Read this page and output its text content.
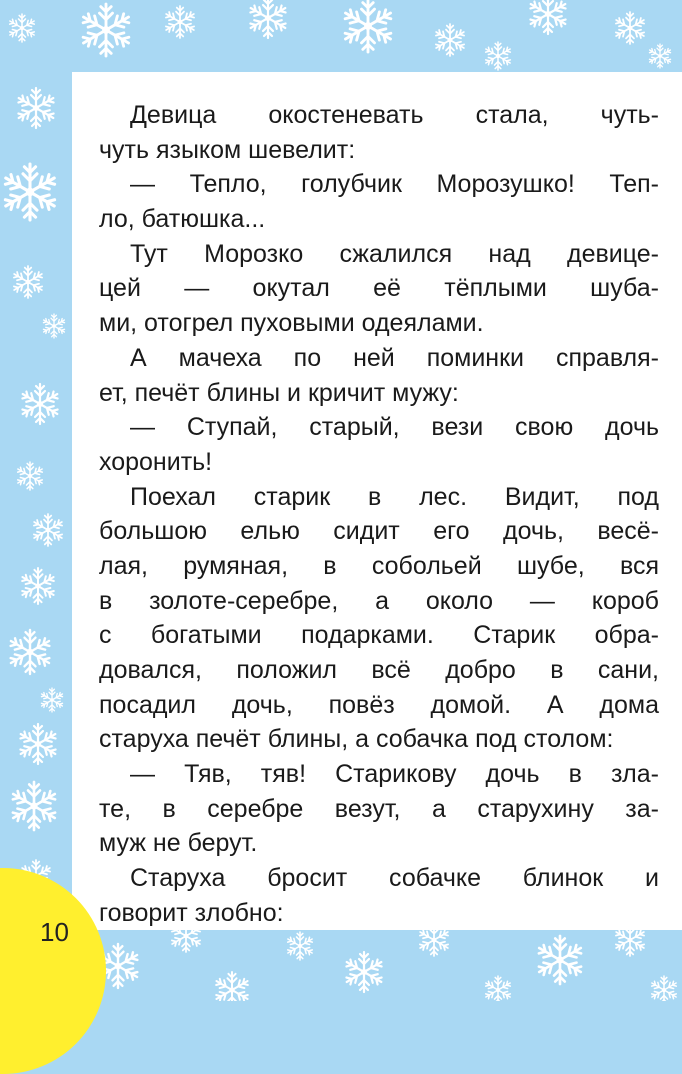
Девица окостеневать стала, чуть-
чуть языком шевелит:
— Тепло, голубчик Морозушко! Теп-
ло, батюшка...
Тут Морозко сжалился над девице-
цей — окутал её тёплыми шуба-
ми, отогрел пуховыми одеялами.
А мачеха по ней поминки справля-
ет, печёт блины и кричит мужу:
— Ступай, старый, вези свою дочь
хоронить!
Поехал старик в лес. Видит, под
большою елью сидит его дочь, весё-
лая, румяная, в собольей шубе, вся
в золоте-серебре, а около — короб
с богатыми подарками. Старик обра-
довался, положил всё добро в сани,
посадил дочь, повёз домой. А дома
старуха печёт блины, а собачка под столом:
— Тяв, тяв! Старикову дочь в зла-
те, в серебре везут, а старухину за-
муж не берут.
Старуха бросит собачке блинок и
говорит злобно:
10
